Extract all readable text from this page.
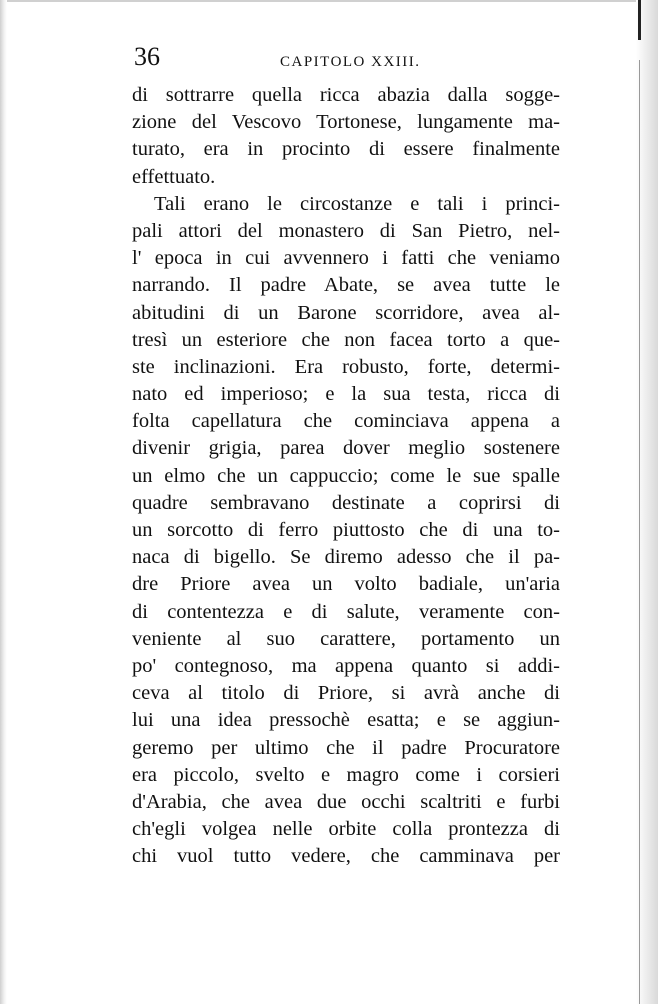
36	CAPITOLO XXIII.
di sottrarre quella ricca abazia dalla sogge-
zione del Vescovo Tortonese, lungamente ma-
turato, era in procinto di essere finalmente
effettuato.
Tali erano le circostanze e tali i princi-
pali attori del monastero di San Pietro, nel-
l' epoca in cui avvennero i fatti che veniamo
narrando. Il padre Abate, se avea tutte le
abitudini di un Barone scorridore, avea al-
tresì un esteriore che non facea torto a que-
ste inclinazioni. Era robusto, forte, determi-
nato ed imperioso; e la sua testa, ricca di
folta capellatura che cominciava appena a
divenir grigia, parea dover meglio sostenere
un elmo che un cappuccio; come le sue spalle
quadre sembravano destinate a coprirsi di
un sorcotto di ferro piuttosto che di una to-
naca di bigello. Se diremo adesso che il pa-
dre Priore avea un volto badiale, un'aria
di contentezza e di salute, veramente con-
veniente al suo carattere, portamento un
po' contegnoso, ma appena quanto si addi-
ceva al titolo di Priore, si avrà anche di
lui una idea pressochè esatta; e se aggiun-
geremo per ultimo che il padre Procuratore
era piccolo, svelto e magro come i corsieri
d'Arabia, che avea due occhi scaltriti e furbi
ch'egli volgea nelle orbite colla prontezza di
chi vuol tutto vedere, che camminava per
